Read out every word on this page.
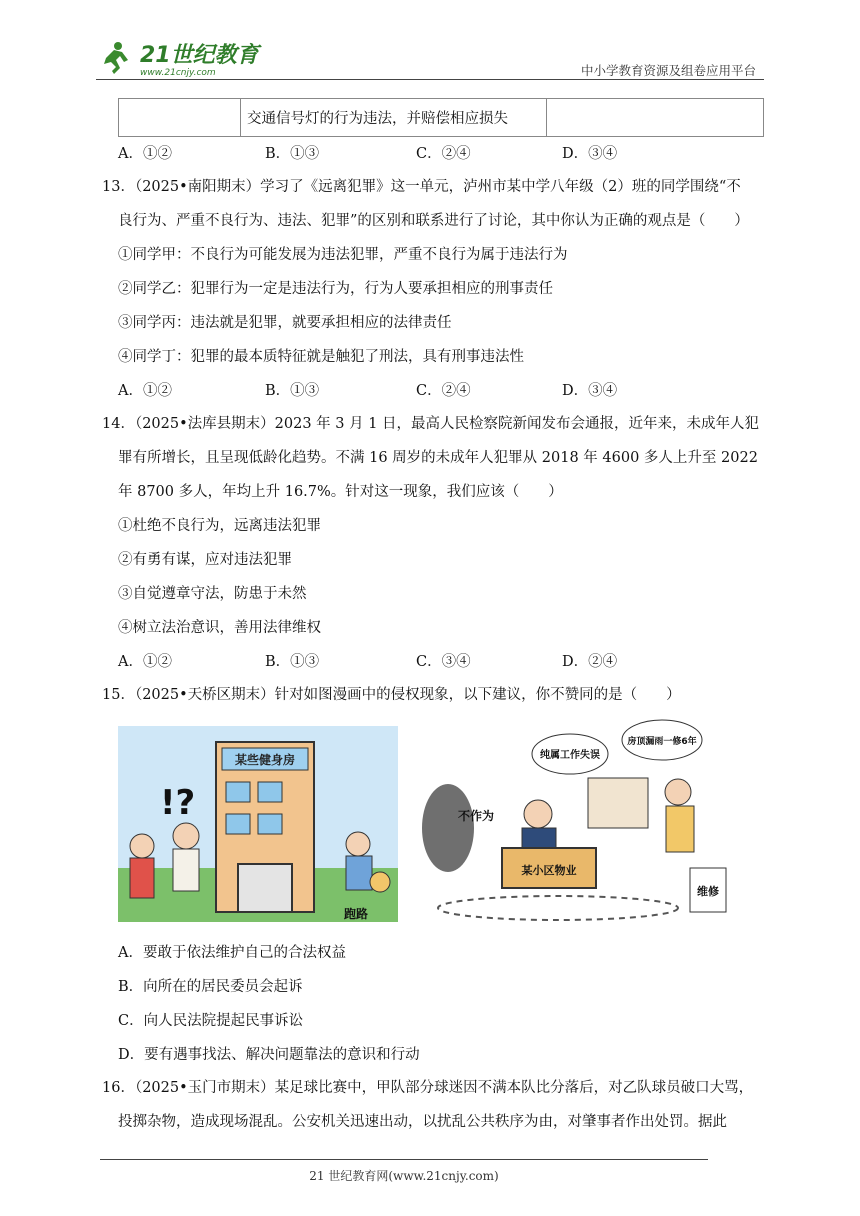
21世纪教育
www.21cnjy.com	中小学教育资源及组卷应用平台
	交通信号灯的行为违法，并赔偿相应损失	
A．①②	B．①③	C．②④	D．③④
13．（2025•南阳期末）学习了《远离犯罪》这一单元，泸州市某中学八年级（2）班的同学围绕“不
良行为、严重不良行为、违法、犯罪”的区别和联系进行了讨论，其中你认为正确的观点是（　　）
①同学甲：不良行为可能发展为违法犯罪，严重不良行为属于违法行为
②同学乙：犯罪行为一定是违法行为，行为人要承担相应的刑事责任
③同学丙：违法就是犯罪，就要承担相应的法律责任
④同学丁：犯罪的最本质特征就是触犯了刑法，具有刑事违法性
A．①②	B．①③	C．②④	D．③④
14．（2025•法库县期末）2023 年 3 月 1 日，最高人民检察院新闻发布会通报，近年来，未成年人犯
罪有所增长，且呈现低龄化趋势。不满 16 周岁的未成年人犯罪从 2018 年 4600 多人上升至 2022
年 8700 多人，年均上升 16.7%。针对这一现象，我们应该（　　）
①杜绝不良行为，远离违法犯罪
②有勇有谋，应对违法犯罪
③自觉遵章守法，防患于未然
④树立法治意识，善用法律维权
A．①②	B．①③	C．③④	D．②④
15．（2025•天桥区期末）针对如图漫画中的侵权现象，以下建议，你不赞同的是（　　）
某些健身房
!?
跑路
不作为
纯属工作失误
房顶漏雨一修6年
某小区物业
维修
A．要敢于依法维护自己的合法权益
B．向所在的居民委员会起诉
C．向人民法院提起民事诉讼
D．要有遇事找法、解决问题靠法的意识和行动
16．（2025•玉门市期末）某足球比赛中，甲队部分球迷因不满本队比分落后，对乙队球员破口大骂，
投掷杂物，造成现场混乱。公安机关迅速出动，以扰乱公共秩序为由，对肇事者作出处罚。据此
21 世纪教育网(www.21cnjy.com)
